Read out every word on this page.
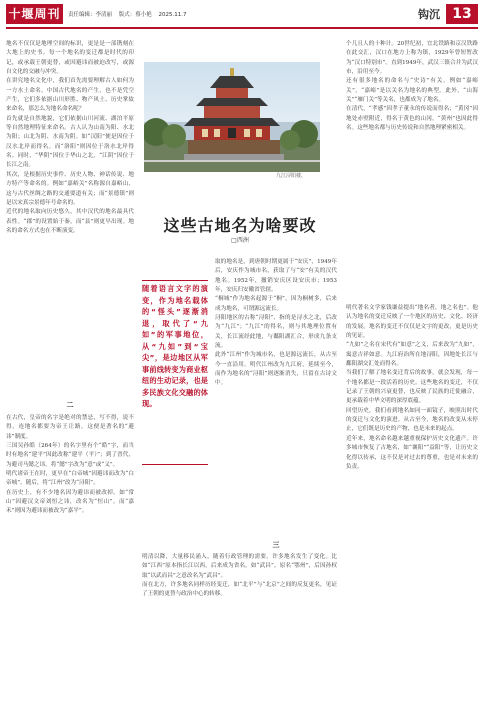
十堰周刊	责任编辑：李清丽 版式：蔡小艳 2025.11.7	钩沉 13

地名不仅仅是地理空间的标识，更是是一部镌刻在大地上的史书。每一个地名的变迁都是时代的印记，或承载王朝更替，或因避讳而被迫改写，或源自文化的交融与冲突。

在讲究地名文化中，我们首先需要理解古人如何为一方水土命名。中国古代地名的产生，也不是凭空产生，它们多依据山川形胜、物产风土、历史掌故来命名，那怎么为地名命名呢？

首先就是自然地貌，它们依据山川河流、湖泊平原等自然地理特征来命名。古人认为山南为阳、水北为阳；山北为阴、水南为阴。如“汉阳”便是因位于汉水北岸而得名。而“洛阳”则因位于洛水北岸得名。同时，“华阴”因位于华山之北，“江阴”因位于长江之南。

其次，是根据历史事件、历史人物、神话传说、地方特产等命名的。例如“嘉峪关”名称源自嘉峪山，这与古代丝绸之路的交通要道有关；而“景德镇”则是以宋真宗景德年号命名的。

近代的地名取向历史悠久，其中汉代的地名最具代表性。“郡”的设置始于秦，而“县”则更早出现。地名的命名方式也在不断演变。

二

在古代，皇帝的名字是绝对的禁忌，写不得，说不得，连地名都要为帝王让路。这便是著名的“避讳”制度。

三国吴孙皓（264年）的名字里有个“皓”字，而当时有地名“建平”因此改称“建平（平）”；到了晋代，为避司马懿之讳，将“懿”字改为“意”或“义”。

明代诸帝王在时，更早在“白帝城”因避讳而改为“白帝城”。随后，将“江州”改为“浔阳”。

在历史上，有不少地名因为避讳而被改掉。如“常山”因避汉文帝刘恒之讳，改名为“恒山”。而“嘉禾”则因为避讳而被改为“嘉平”。

九江浔阳楼。
这些古地名为啥要改
□西洲
随着语言文字的演变，作为地名载体的“怪头”逐渐消退，取代了“九如”的军事地位，从“九如”到“宝尖”，是边地区从军事前线转变为商业枢纽的生动记录，也是多民族文化交融的体现。

取的地名是，到唐朝时期更属于“安庆”，1949年后，安庆作为城市名，获取了与“安”有关的汉代地名。1952年，撤销安庆区设安庆市；1953年，安庆归安徽省管辖。

“桐城”作为地名起源于“桐”，因为桐树多，后来成为地名，可谓源远流长。

浔阳地区的古称“浔阳”，指的是浔水之北，后改为“九江”；“九江”的得名，则与其地理位置有关，长江流经此地，与鄱阳湖汇合，形成九条支流。

此外“江州”作为城市名，也是源远流长，从古至今一直沿用。明代江州改为九江府，延续至今，而作为地名的“浔阳”则逐渐消失，只留在古诗文中。

三

明清以降，大量移民涌入，随着行政管理的需要，许多地名发生了变化。比如“江西”原本指长江以西，后来成为省名。如“武昌”，原名“鄂州”，后因孙权取“以武而昌”之意改名为“武昌”。

而在北方，许多地名同样历经变迁，如“北平”与“北京”之间的反复更名，见证了王朝的更替与政治中心的转移。

个儿且人的十种计。20世纪初，宜北铁路和京汉铁路在此交汇，汉口在地方上称为镇，1929年曾短暂改为“汉口特别市”。直到1949年，武汉三镇合并为武汉市，沿用至今。

还有很多地名的命名与“史诗”有关。例如“嘉峪关”，“嘉峪”是以关名为地名的典型。此外，“山海关”“雁门关”等关名，也都成为了地名。

在清代，“孝感”因孝子董永的传说而得名；“黄冈”因地处赤壁附近，得名于黄色的山冈。“黄州”也因此得名。这些地名都与历史传说和自然地理紧密相关。

明代著名文学家钱谦益提出“地名者，地之名也”。他认为地名的变迁反映了一个地区的历史、文化、经济的发展。地名的变迁不仅仅是文字的更改，更是历史的见证。

“九如”之名在宋代有“如意”之义，后来改为“九如”，寓意吉祥如意。九江府治所在地浔阳，因地处长江与鄱阳湖交汇处而得名。

当我们了解了地名变迁背后的故事，就会发现，每一个地名都是一段活着的历史。这些地名的变迁，不仅记录了王朝的兴衰更替，也反映了民族的迁徙融合，更承载着中华文明的深厚底蕴。

回望历史，我们看到地名如同一面镜子，映照出时代的变迁与文化的演进。从古至今，地名的改变从未停止，它们既是历史的产物，也是未来的起点。

近年来，地名命名越来越重视保护历史文化遗产。许多城市恢复了古地名，如“襄阳”“益阳”等，让历史文化得以传承，这不仅是对过去的尊重，也是对未来的负责。
